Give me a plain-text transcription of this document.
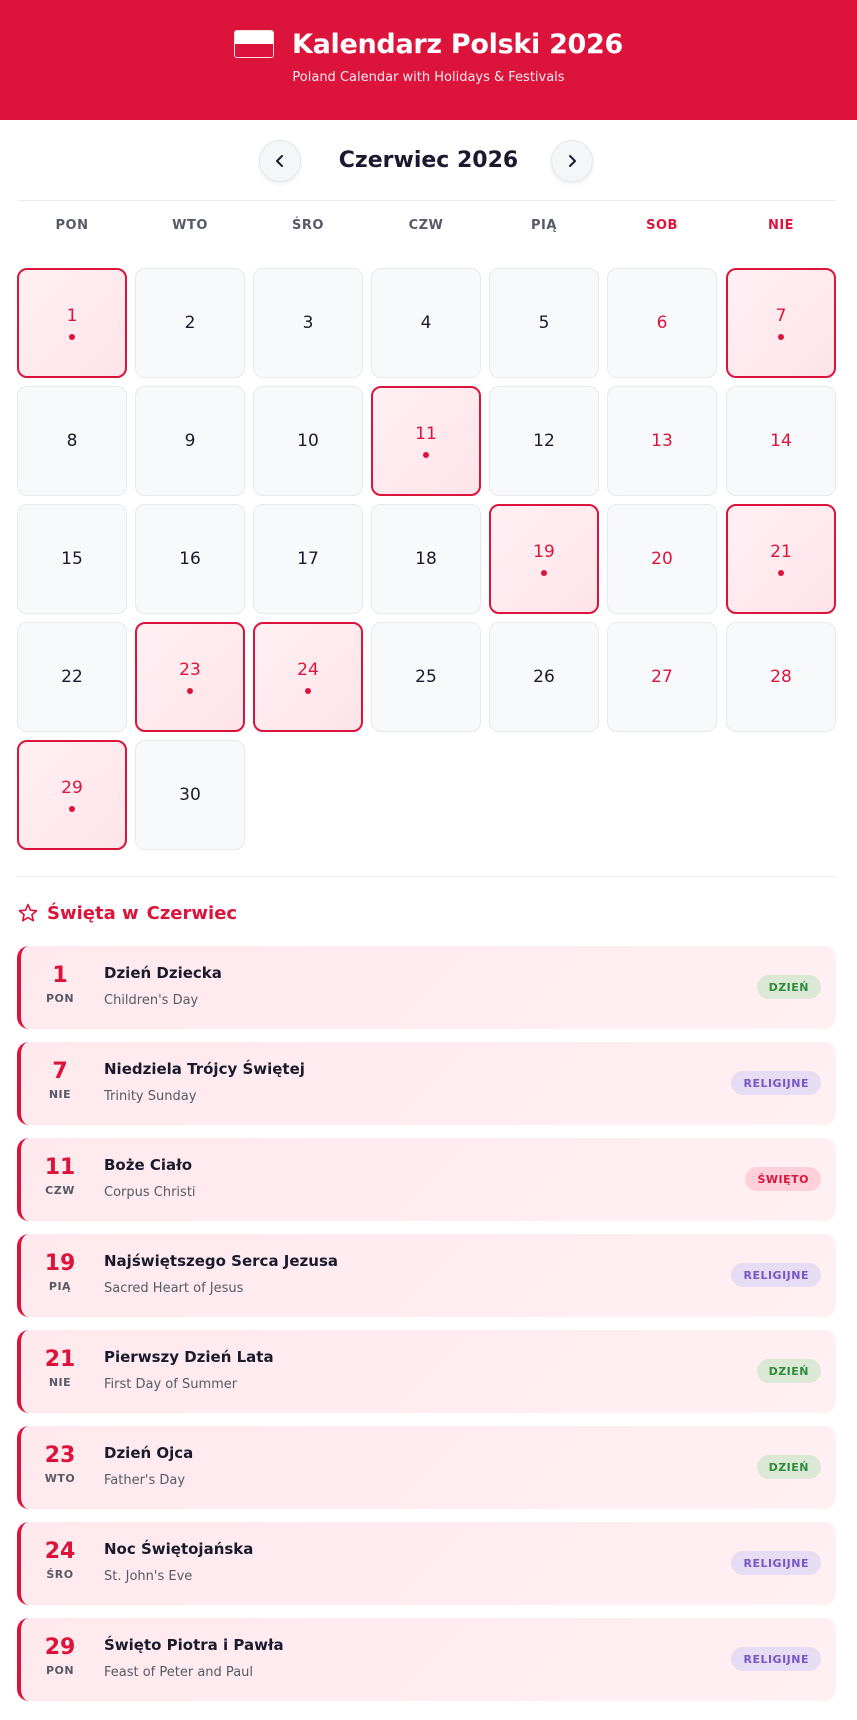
Kalendarz Polski 2026
Poland Calendar with Holidays & Festivals
Czerwiec 2026
PON	WTO	ŚRO	CZW	PIĄ	SOB	NIE
1	2	3	4	5	6	7
8	9	10	11	12	13	14
15	16	17	18	19	20	21
22	23	24	25	26	27	28
29	30
Święta w Czerwiec
1
PON
Dzień Dziecka
Children's Day
DZIEŃ
7
NIE
Niedziela Trójcy Świętej
Trinity Sunday
RELIGIJNE
11
CZW
Boże Ciało
Corpus Christi
ŚWIĘTO
19
PIĄ
Najświętszego Serca Jezusa
Sacred Heart of Jesus
RELIGIJNE
21
NIE
Pierwszy Dzień Lata
First Day of Summer
DZIEŃ
23
WTO
Dzień Ojca
Father's Day
DZIEŃ
24
ŚRO
Noc Świętojańska
St. John's Eve
RELIGIJNE
29
PON
Święto Piotra i Pawła
Feast of Peter and Paul
RELIGIJNE
